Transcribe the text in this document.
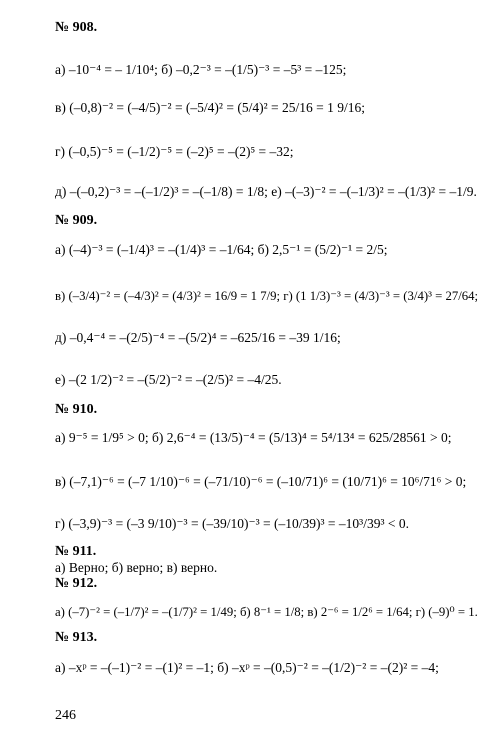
№ 908.
а) –10⁻⁴ = – 1/10⁴; б) –0,2⁻³ = –(1/5)⁻³ = –5³ = –125;
в) (–0,8)⁻² = (–4/5)⁻² = (–5/4)² = (5/4)² = 25/16 = 1 9/16;
г) (–0,5)⁻⁵ = (–1/2)⁻⁵ = (–2)⁵ = –(2)⁵ = –32;
д) –(–0,2)⁻³ = –(–1/2)³ = –(–1/8) = 1/8; е) –(–3)⁻² = –(–1/3)² = –(1/3)² = –1/9.
№ 909.
а) (–4)⁻³ = (–1/4)³ = –(1/4)³ = –1/64; б) 2,5⁻¹ = (5/2)⁻¹ = 2/5;
в) (–3/4)⁻² = (–4/3)² = (4/3)² = 16/9 = 1 7/9; г) (1 1/3)⁻³ = (4/3)⁻³ = (3/4)³ = 27/64;
д) –0,4⁻⁴ = –(2/5)⁻⁴ = –(5/2)⁴ = –625/16 = –39 1/16;
е) –(2 1/2)⁻² = –(5/2)⁻² = –(2/5)² = –4/25.
№ 910.
а) 9⁻⁵ = 1/9⁵ > 0; б) 2,6⁻⁴ = (13/5)⁻⁴ = (5/13)⁴ = 5⁴/13⁴ = 625/28561 > 0;
в) (–7,1)⁻⁶ = (–7 1/10)⁻⁶ = (–71/10)⁻⁶ = (–10/71)⁶ = (10/71)⁶ = 10⁶/71⁶ > 0;
г) (–3,9)⁻³ = (–3 9/10)⁻³ = (–39/10)⁻³ = (–10/39)³ = –10³/39³ < 0.
№ 911.
а) Верно; б) верно; в) верно.
№ 912.
а) (–7)⁻² = (–1/7)² = –(1/7)² = 1/49; б) 8⁻¹ = 1/8; в) 2⁻⁶ = 1/2⁶ = 1/64; г) (–9)⁰ = 1.
№ 913.
а) –xᵖ = –(–1)⁻² = –(1)² = –1; б) –xᵖ = –(0,5)⁻² = –(1/2)⁻² = –(2)² = –4;
246
